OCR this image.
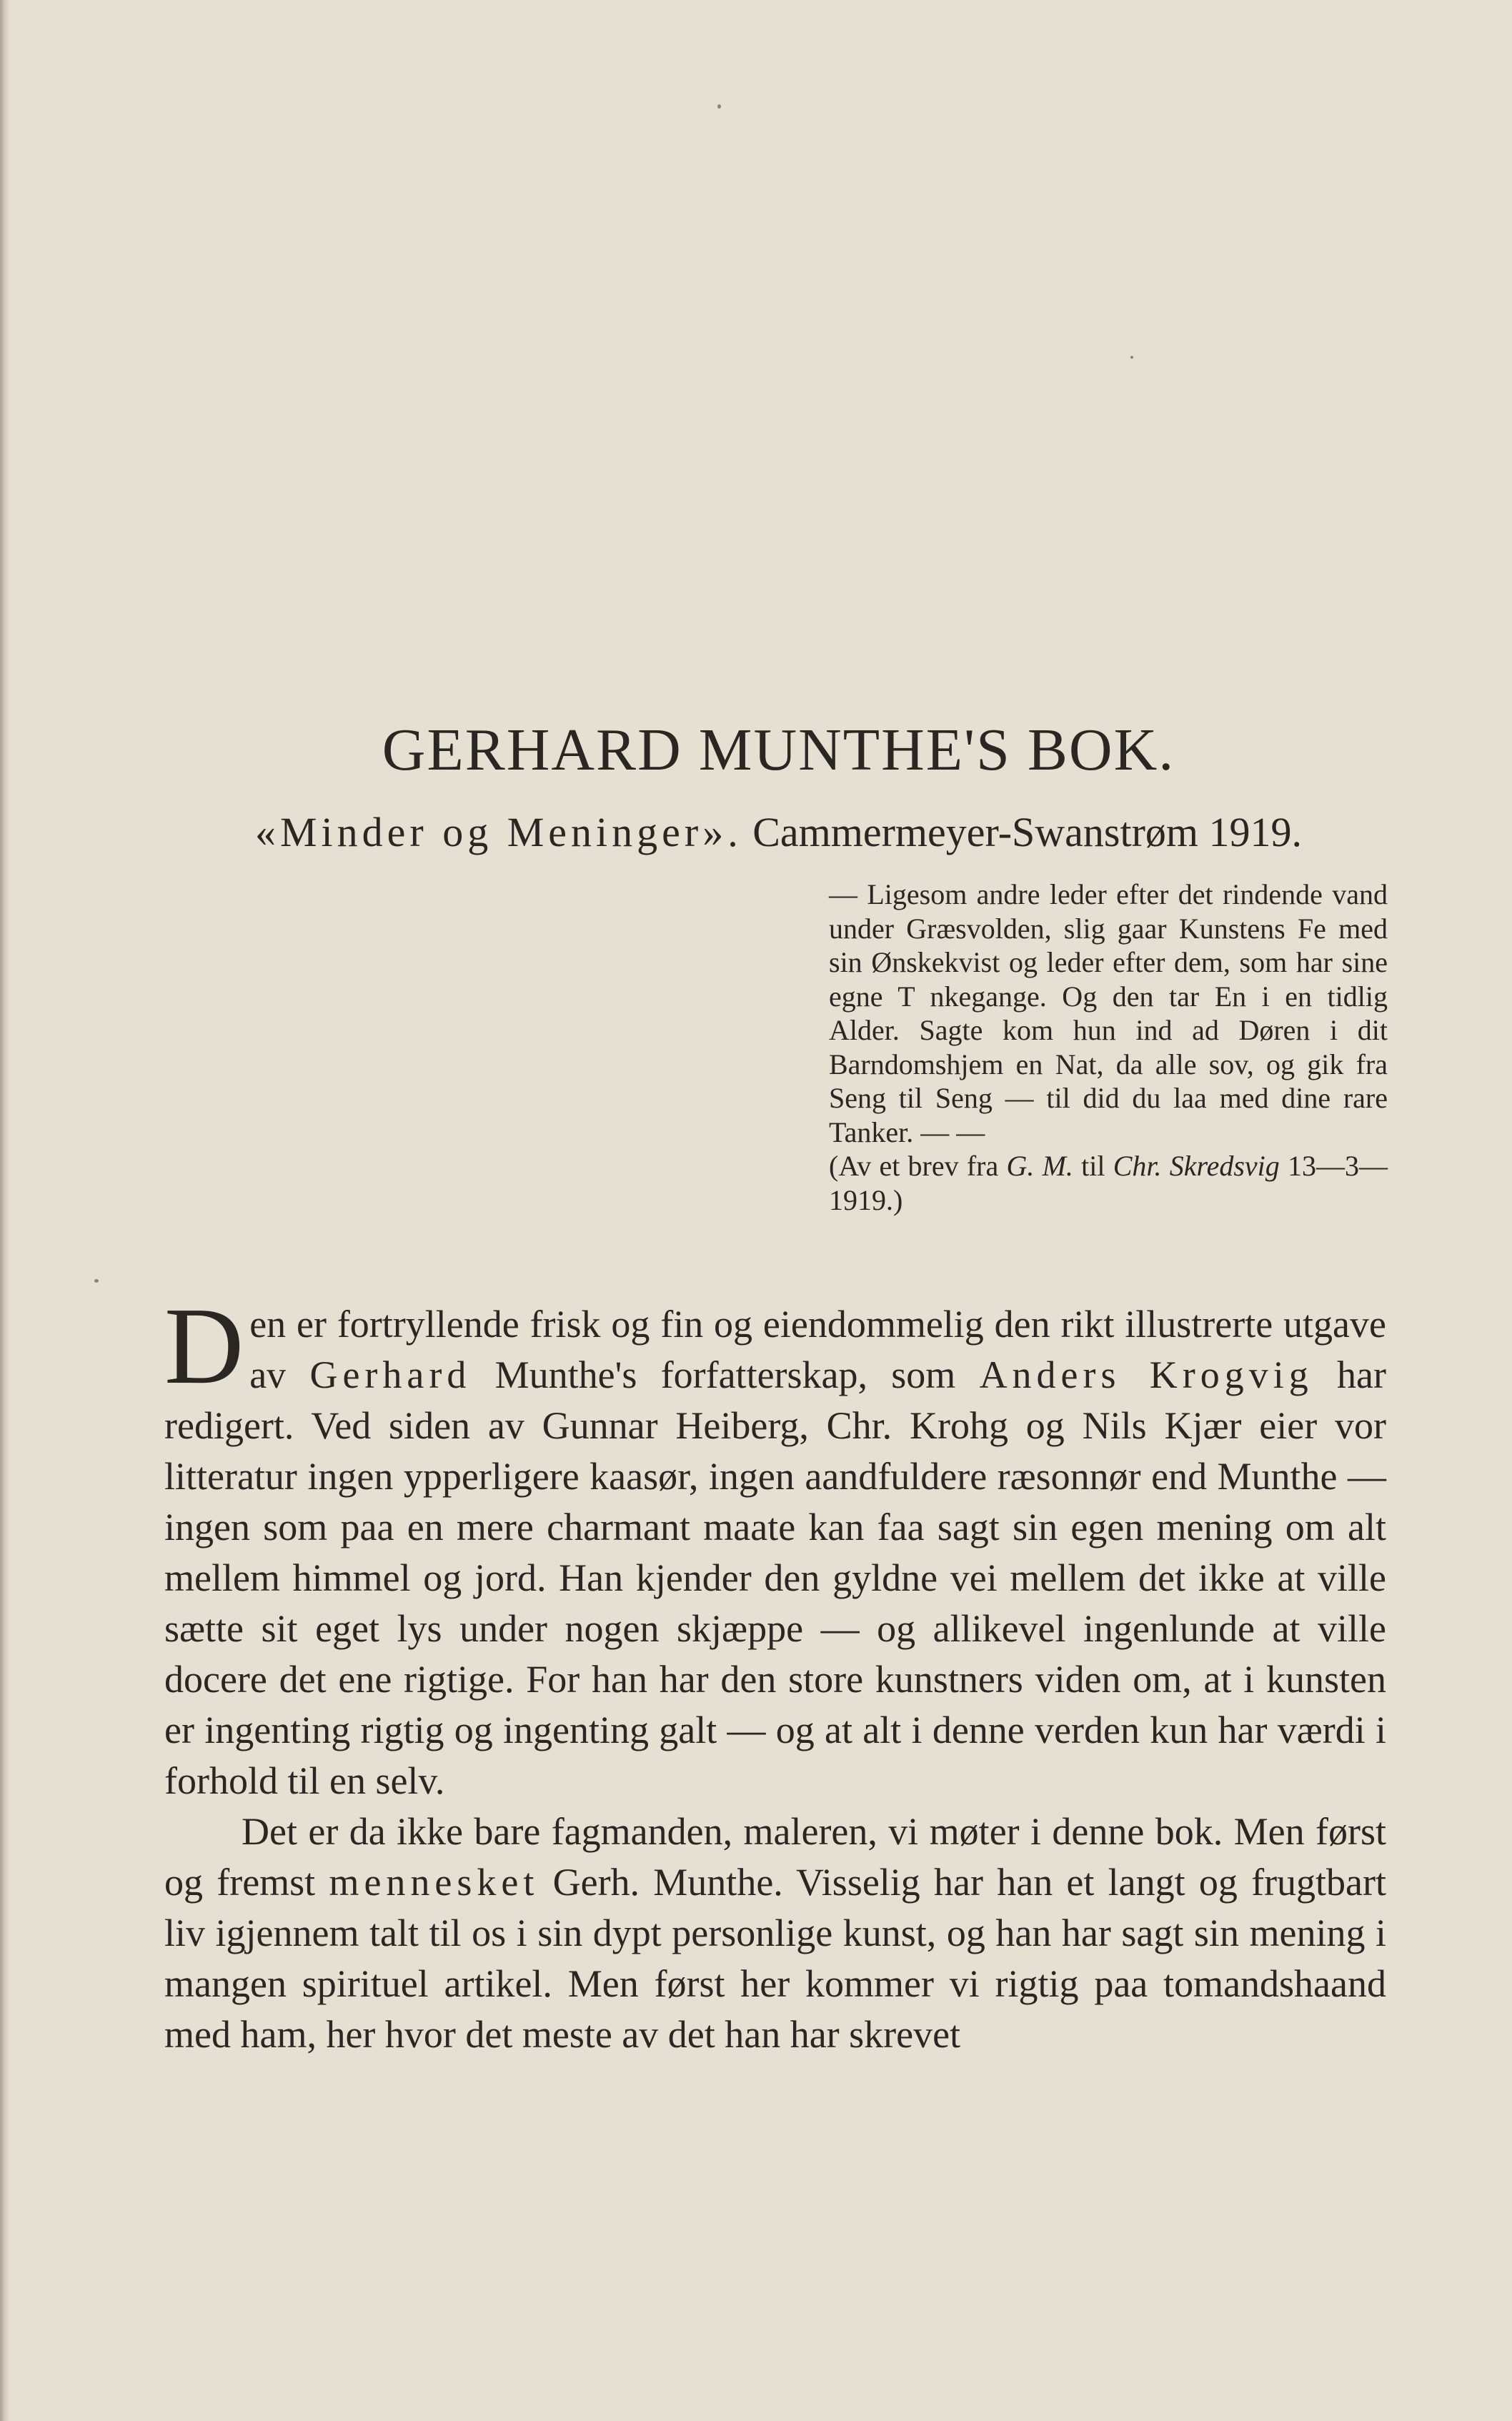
GERHARD MUNTHE'S BOK.
«Minder og Meninger». Cammermeyer-Swanstrøm 1919.
— Ligesom andre leder efter det rindende vand under Græsvolden, slig gaar Kunstens Fe med sin Ønskekvist og leder efter dem, som har sine egne T nkegange. Og den tar En i en tidlig Alder. Sagte kom hun ind ad Døren i dit Barndomshjem en Nat, da alle sov, og gik fra Seng til Seng — til did du laa med dine rare
Tanker. — —
(Av et brev fra G. M. til Chr. Skredsvig 13—3—1919.)

Den er fortryllende frisk og fin og eiendommelig den rikt illustrerte utgave av Gerhard Munthe's forfatterskap, som Anders Krogvig har redigert. Ved siden av Gunnar Heiberg, Chr. Krohg og Nils Kjær eier vor litteratur ingen ypperligere kaasør, ingen aandfuldere ræsonnør end Munthe — ingen som paa en mere charmant maate kan faa sagt sin egen mening om alt mellem himmel og jord. Han kjender den gyldne vei mellem det ikke at ville sætte sit eget lys under nogen skjæppe — og allikevel ingenlunde at ville docere det ene rigtige. For han har den store kunstners viden om, at i kunsten er ingenting rigtig og ingenting galt — og at alt i denne verden kun har værdi i forhold til en selv.

Det er da ikke bare fagmanden, maleren, vi møter i denne bok. Men først og fremst mennesket Gerh. Munthe. Visselig har han et langt og frugtbart liv igjennem talt til os i sin dypt personlige kunst, og han har sagt sin mening i mangen spirituel artikel. Men først her kommer vi rigtig paa tomandshaand med ham, her hvor det meste av det han har skrevet
